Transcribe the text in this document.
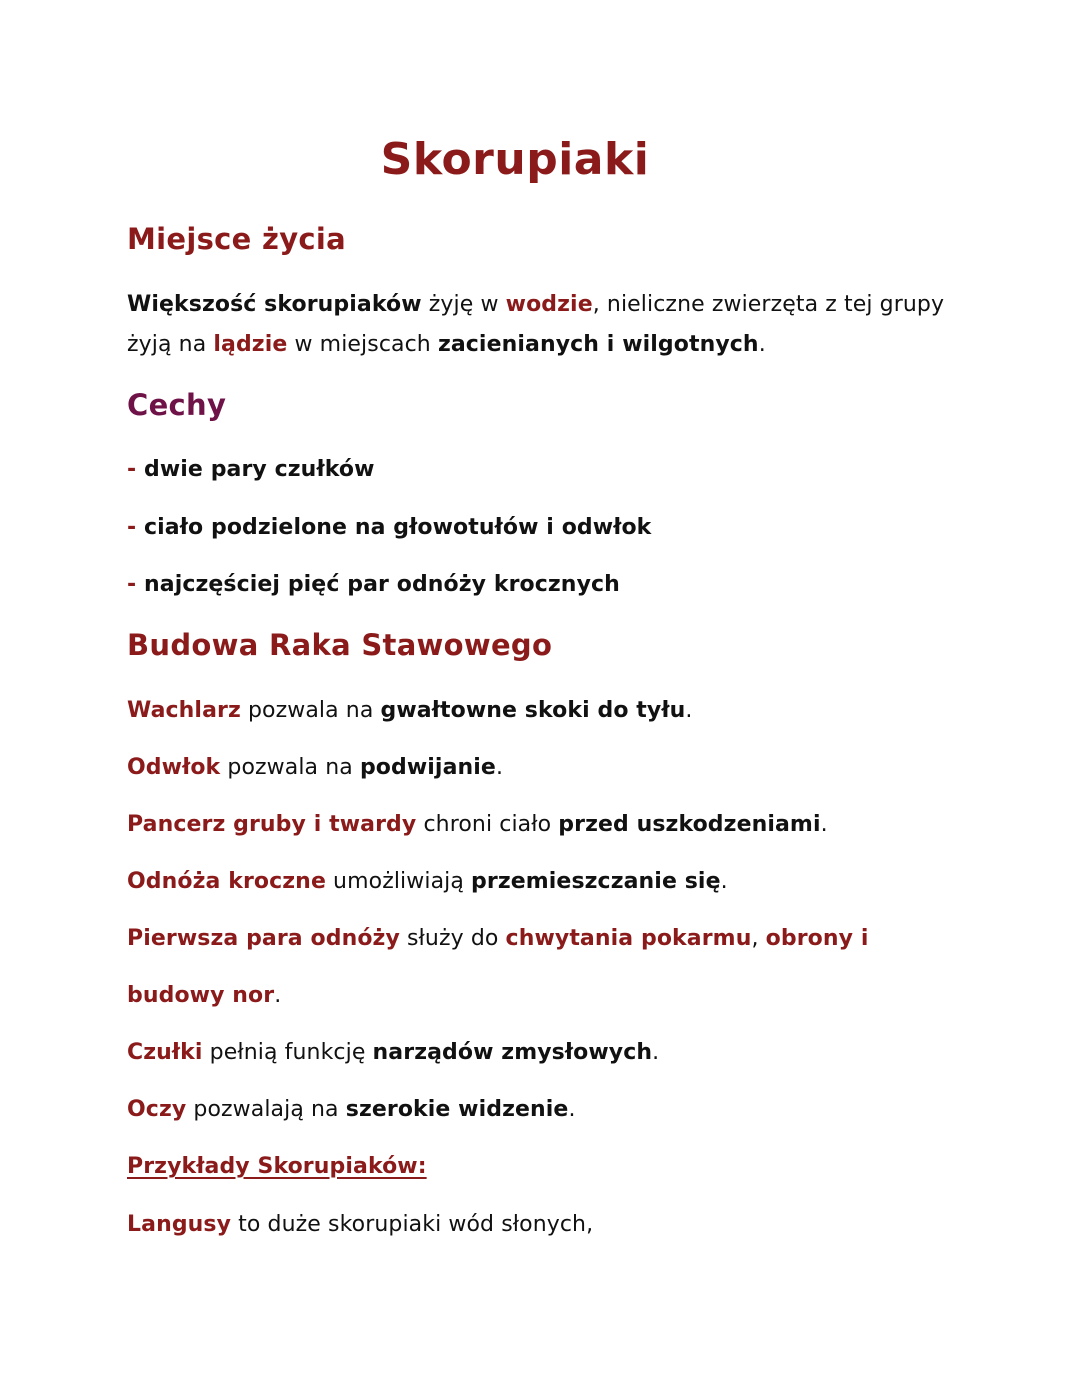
Skorupiaki
Miejsce życia

Większość skorupiaków żyję w wodzie, nieliczne zwierzęta z tej grupy

żyją na lądzie w miejscach zacienianych i wilgotnych.

Cechy

- dwie pary czułków

- ciało podzielone na głowotułów i odwłok

- najczęściej pięć par odnóży krocznych

Budowa Raka Stawowego

Wachlarz pozwala na gwałtowne skoki do tyłu.

Odwłok pozwala na podwijanie.

Pancerz gruby i twardy chroni ciało przed uszkodzeniami.

Odnóża kroczne umożliwiają przemieszczanie się.

Pierwsza para odnóży służy do chwytania pokarmu, obrony i

budowy nor.

Czułki pełnią funkcję narządów zmysłowych.

Oczy pozwalają na szerokie widzenie.

Przykłady Skorupiaków:

Langusy to duże skorupiaki wód słonych,
